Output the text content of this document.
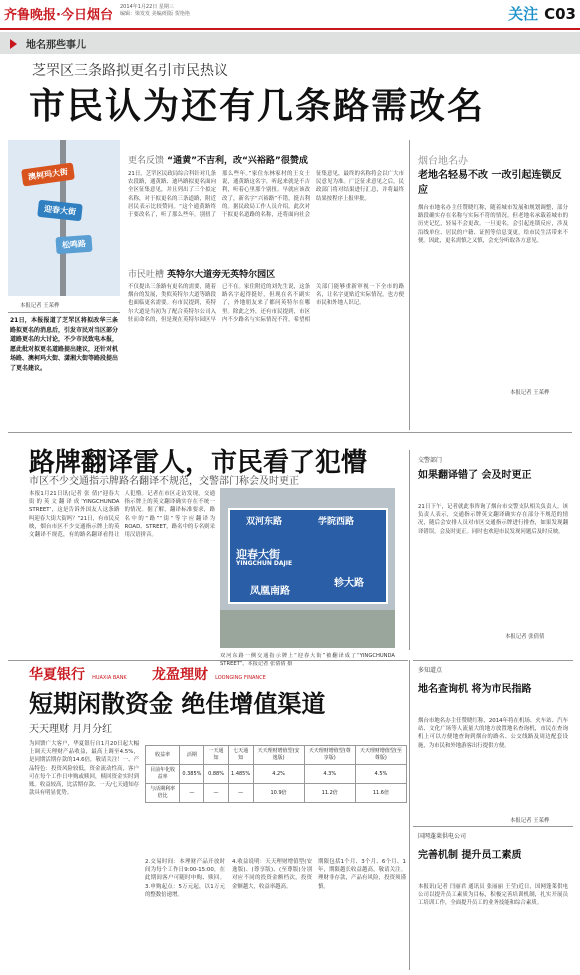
齐鲁晚报·今日烟台
2014年1月22日 星期三
编辑：梁发发 美编/组版 贺艳艳	关注 C03
地名那些事儿
芝罘区三条路拟更名引市民热议
市民认为还有几条路需改名
澳柯玛大街
迎春大街
松鸣路
本报记者 王茱桦
21日，本报报道了芝罘区将拟改华三条路拟更名的消息后，引发市民对当区部分道路更名的大讨论，不少市民致电本报，愿此批对拟更名道路提出建议，还针对机场路、澳柯玛大街、潇湘大街等路段提出了更名建议。
更名反馈 “通黄”不吉利，改“兴裕路”很赞成
21日，芝罘区民政局综合科针对几条农段路，通黄路、迪玛路拟更名面向全区征集意见，并且列出了三个拟定名称，对于拟更名的三条道路，附近居民表示比较赞同。“这个通黄路终于要改名了，听了那么些年，别扭了那么些年。”家住东林家村的王女士说，通黄路这名字，听起来就是不吉利，听着心里那个别扭。早就应该改改了，新名字“兴裕路”不错，挺吉利的。据民政局工作人员介绍，此次对于拟更名道路的名称，还将面向社会征集意见，最终的名称将会以广大市民意见为准。广泛征求意见之后，民政部门将对结果进行汇总，并将最终结果按程序上报审批。
市民吐槽 英特尔大道旁无英特尔园区
不仅提出三条路有更名的需要，随着烟台的发展，类似英特尔大道等路段也面临更名需要。有市民提到，英特尔大道是当初为了配合英特尔公司入驻而命名的，但是现在英特尔园区早已不在。家住附近的刘先生说，这条路名字起得挺好，但现在名不副实了，外地朋友来了都问英特尔在哪里。除此之外，还有市民提到，市区内不少路名与实际情况不符，希望相关部门能够重新审视一下全市的路名，让名字更贴近实际情况，也方便市民和外地人识记。
烟台地名办
老地名轻易不改 一改引起连锁反应
烟台市地名办主任赞晓红称，随着城市发展和规划调整，部分路段确实存在名称与实际不符的情况。但老地名承载着城市的历史记忆，轻易不会更改。一旦更名，会引起连锁反应，涉及沿线单位、居民的户籍、证照等信息变更，给市民生活带来不便。因此，更名需慎之又慎，会充分听取各方意见。
本报记者 王茱桦
路牌翻译雷人，市民看了犯懵
市区不少交通指示牌路名翻译不规范，交警部门称会及时更正
本报1月21日讯(记者 张 倩)“迎春大街的英文翻译成‘YINGCHUNDA STREET’，这是告诉外国友人这条路叫迎春大街大街吗？”21日，有市民反映，烟台市区不少交通指示牌上的英文翻译不规范，有的路名翻译看得让人犯懵。记者在市区走访发现，交通指示牌上的英文翻译确实存在不统一的情况。据了解，翻译标准要求，路名中的“路”“街”等字应翻译为ROAD、STREET，路名中的专名则采用汉语拼音。
双河东路	学院西路
迎春大街
YINGCHUN DAJIE
凤凰南路
轸大路
双河东路一侧交通指示牌上“迎春大街”被翻译成了“YINGCHUNDA STREET”。本报记者 张倩倩 摄
交警部门
如果翻译错了 会及时更正
21日下午，记者就此事咨询了烟台市交警支队相关负责人。该负责人表示，交通指示牌英文翻译确实存在部分不规范的情况，随后会安排人员对市区交通指示牌进行排查，如果发现翻译错误，会及时更正。同时也欢迎市民发现问题后及时反映。
本报记者 张倩倩
华夏银行 HUAXIA BANK 龙盈理财 LOONGING FINANCE
短期闲散资金 绝佳增值渠道
天天理财 月月分红
为回馈广大客户，华夏银行自1月20日起大幅上调天天理财产品收益，最高上调至4.5%，是同期活期存款的14.6倍，敬请关注！一、产品特色：投资风险较低，资金流动性高，客户可在每个工作日申购或赎回，赎回资金实时到账。收益较高，比活期存款、一天/七天通知存款具有明显优势。
收益率	活期	一天通知	七天通知	天天理财增值型(安逸版)	天天理财增值型(尊享版)	天天理财增值型(至尊版)
目前年化收益率	0.385%	0.88%	1.485%	4.2%	4.3%	4.5%
与活期利率倍比	—	—	—	10.9倍	11.2倍	11.6倍
2.交易时间：本理财产品开放时间为每个工作日9:00-15:00，在此期间客户可随时申购、赎回。3.申购起点：5万元起，以1万元的整数倍递增。
4.收益说明：天天理财增值型(安逸版)、(尊享版)、(至尊版)分别对应不同的投资金额档次，投资金额越大，收益率越高。
期限包括1个月、3个月、6个月、1年，期限越长收益越高，敬请关注。理财非存款，产品有风险，投资须谨慎。
多知道点
地名查询机 将为市民指路
烟台市地名办主任赞晓红称，2014年将在机场、火车站、汽车站、文化广场等人流量大的地方放置地名查询机，市民在查询机上可以方便地查询到烟台的路名、公交线路及周边配套设施，为市民和外地游客出行提供方便。
本报记者 王茱桦
国网蓬莱供电公司
完善机制 提升员工素质
本报讯(记者 闫丽君 通讯员 张丽丽 王莹)近日，国网蓬莱供电公司以提升员工素质为目标，积极完善培训机制，扎实开展员工培训工作，全面提升员工的业务技能和综合素质。
